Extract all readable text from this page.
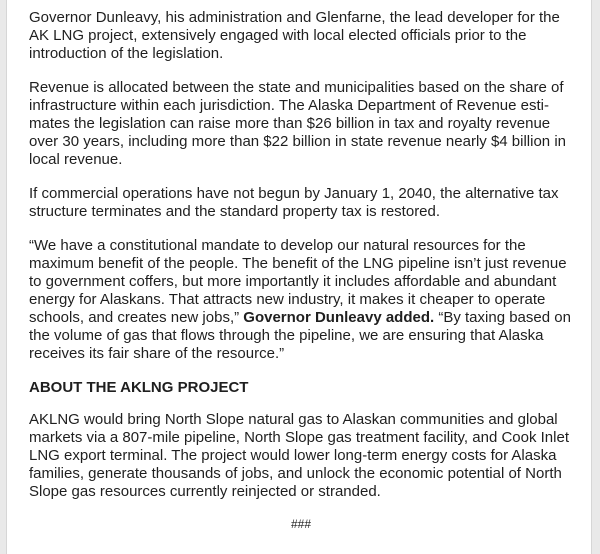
Governor Dunleavy, his administration and Glenfarne, the lead developer for the AK LNG project, extensively engaged with local elected officials prior to the introduction of the legislation.

Revenue is allocated between the state and municipalities based on the share of infrastructure within each jurisdiction. The Alaska Department of Revenue esti-mates the legislation can raise more than $26 billion in tax and royalty revenue over 30 years, including more than $22 billion in state revenue nearly $4 billion in local revenue.

If commercial operations have not begun by January 1, 2040, the alternative tax structure terminates and the standard property tax is restored.

“We have a constitutional mandate to develop our natural resources for the maximum benefit of the people. The benefit of the LNG pipeline isn’t just revenue to government coffers, but more importantly it includes affordable and abundant energy for Alaskans. That attracts new industry, it makes it cheaper to operate schools, and creates new jobs,” Governor Dunleavy added. “By taxing based on the volume of gas that flows through the pipeline, we are ensuring that Alaska receives its fair share of the resource.”

ABOUT THE AKLNG PROJECT

AKLNG would bring North Slope natural gas to Alaskan communities and global markets via a 807-mile pipeline, North Slope gas treatment facility, and Cook Inlet LNG export terminal. The project would lower long-term energy costs for Alaska families, generate thousands of jobs, and unlock the economic potential of North Slope gas resources currently reinjected or stranded.

###
